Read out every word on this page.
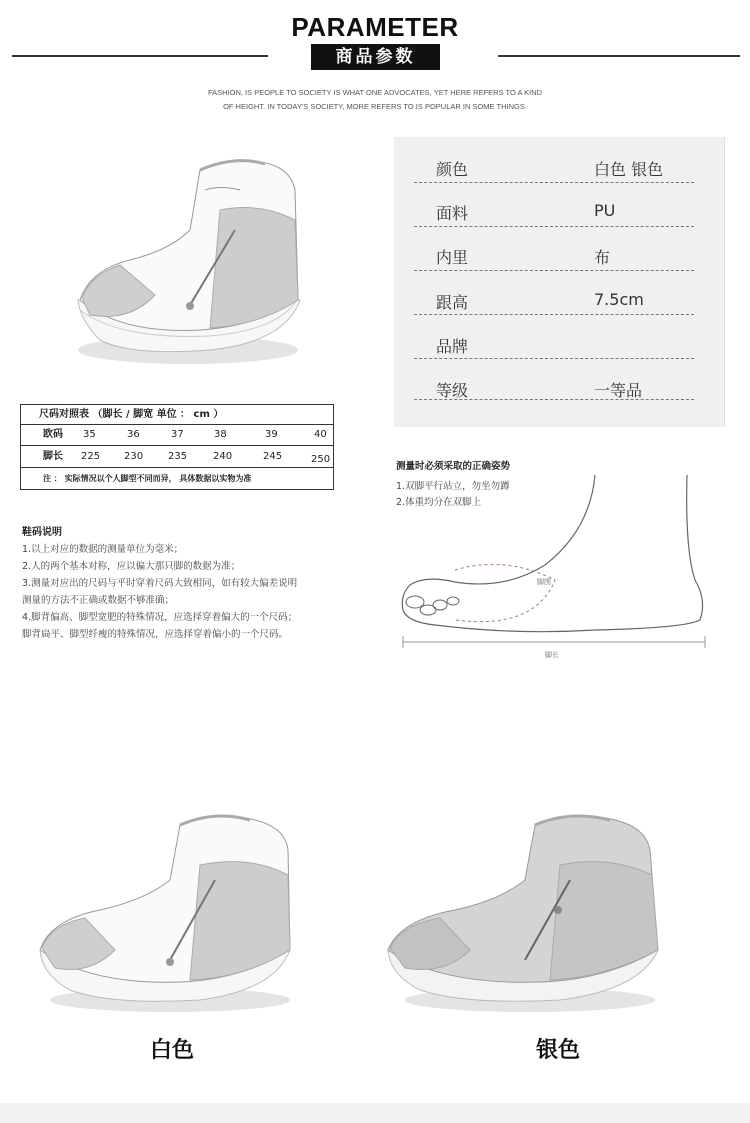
PARAMETER
商品参数
FASHION, IS PEOPLE TO SOCIETY IS WHAT ONE ADVOCATES, YET HERE REFERS TO A KIND
OF HEIGHT. IN TODAY'S SOCIETY, MORE REFERS TO IS POPULAR IN SOME THINGS.
颜色	白色 银色
面料	PU
内里	布
跟高	7.5cm
品牌
等级	一等品
尺码对照表 （脚长 / 脚宽 单位 ： cm ）
欧码 35	36	37	38	39	40
脚长 225 230 235	240	245	250
注 ： 实际情况以个人脚型不同而异， 具体数据以实物为准
鞋码说明
1.以上对应的数据的测量单位为毫米；
2.人的两个基本对称，应以偏大那只脚的数据为准；
3.测量对应出的尺码与平时穿着尺码大致相同，如有较大偏差说明
测量的方法不正确或数据不够准确；
4.脚背偏高、脚型宽肥的特殊情况，应选择穿着偏大的一个尺码；
脚背扁平、脚型纤瘦的特殊情况，应选择穿着偏小的一个尺码。
测量时必须采取的正确姿势
1.双脚平行站立，勿坐勿蹲
2.体重均分在双脚上
脚围
脚长
白色	银色
